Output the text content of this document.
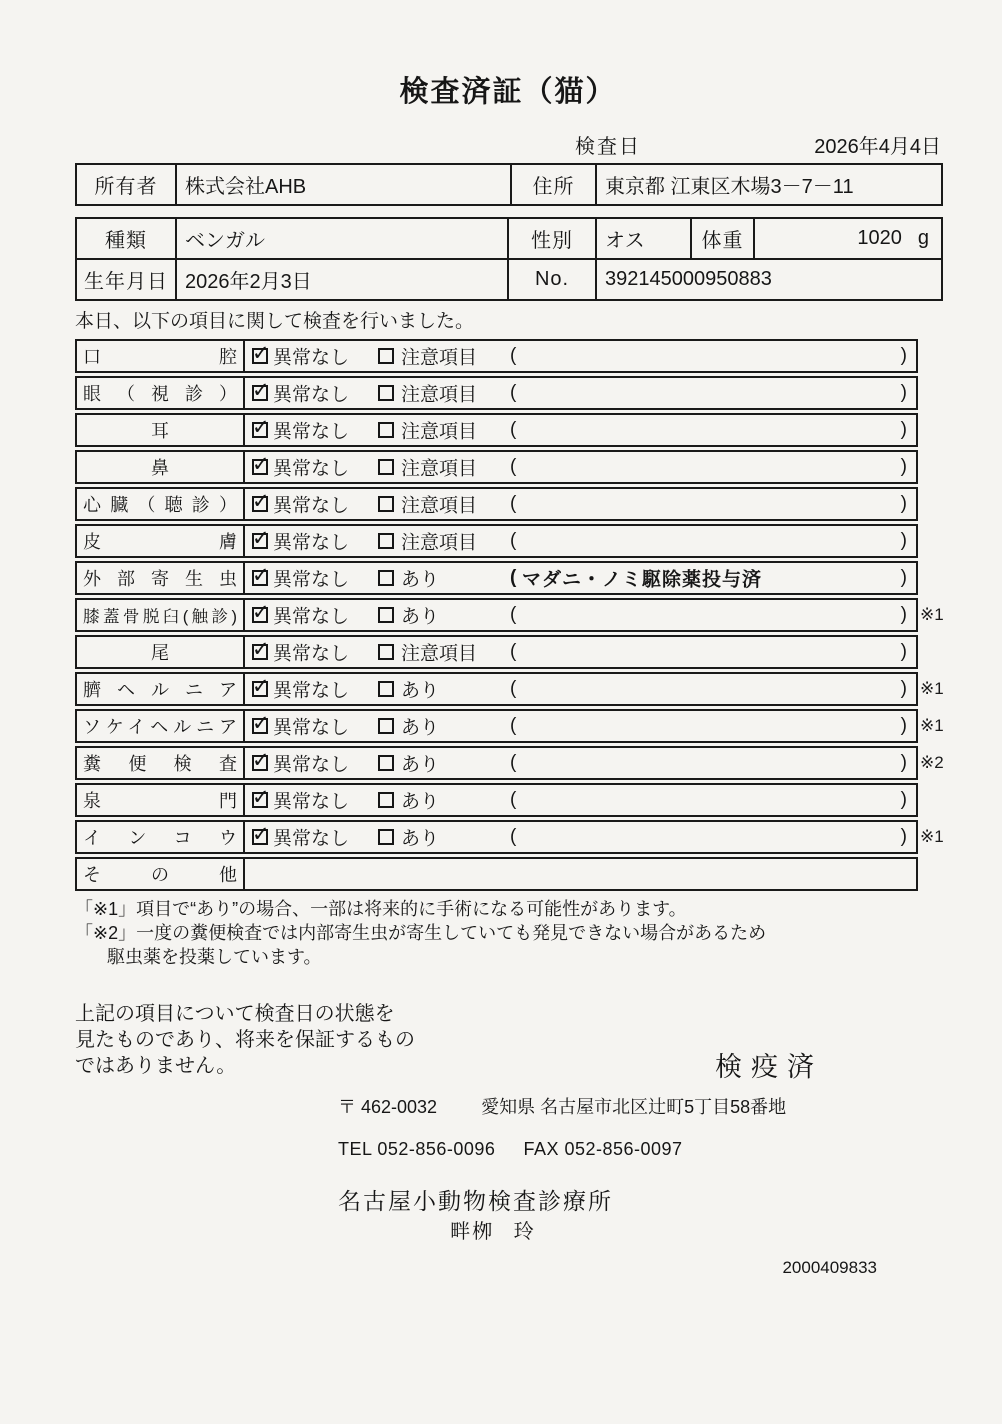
検査済証（猫）
検査日	2026年4月4日
所有者	株式会社AHB	住所	東京都 江東区木場3－7－11
種類	ベンガル	性別	オス	体重	1020 g
生年月日	2026年2月3日	No.	392145000950883		
本日、以下の項目に関して検査を行いました。
口腔 ✓ 異常なし	注意項目 (	)
眼（視診） ✓ 異常なし	注意項目 (	)
耳 ✓	異常なし	注意項目 (	)
鼻 ✓	異常なし	注意項目 (	)
心臓（聴診） ✓ 異常なし	注意項目 (	)
皮膚 ✓ 異常なし	注意項目 (	)
外部寄生虫 ✓ 異常なし	あり	( マダニ・ノミ駆除薬投与済	)
膝蓋骨脱臼(触診) ✓ 異常なし	あり	(	) ※1
尾 ✓	異常なし	注意項目 (	)
臍ヘルニア ✓ 異常なし	あり	(	) ※1
ソケイヘルニア ✓ 異常なし	あり	(	) ※1
糞便検査 ✓ 異常なし	あり	(	) ※2
泉門 ✓ 異常なし	あり	(	)
インコウ ✓ 異常なし	あり	(	) ※1
その他
「※1」項目で“あり”の場合、一部は将来的に手術になる可能性があります。
「※2」一度の糞便検査では内部寄生虫が寄生していても発見できない場合があるため
駆虫薬を投薬しています。
上記の項目について検査日の状態を
見たものであり、将来を保証するもの
ではありません。	検疫済
〒 462-0032 愛知県 名古屋市北区辻町5丁目58番地
TEL 052-856-0096 FAX 052-856-0097
名古屋小動物検査診療所
畔栁 玲
2000409833
